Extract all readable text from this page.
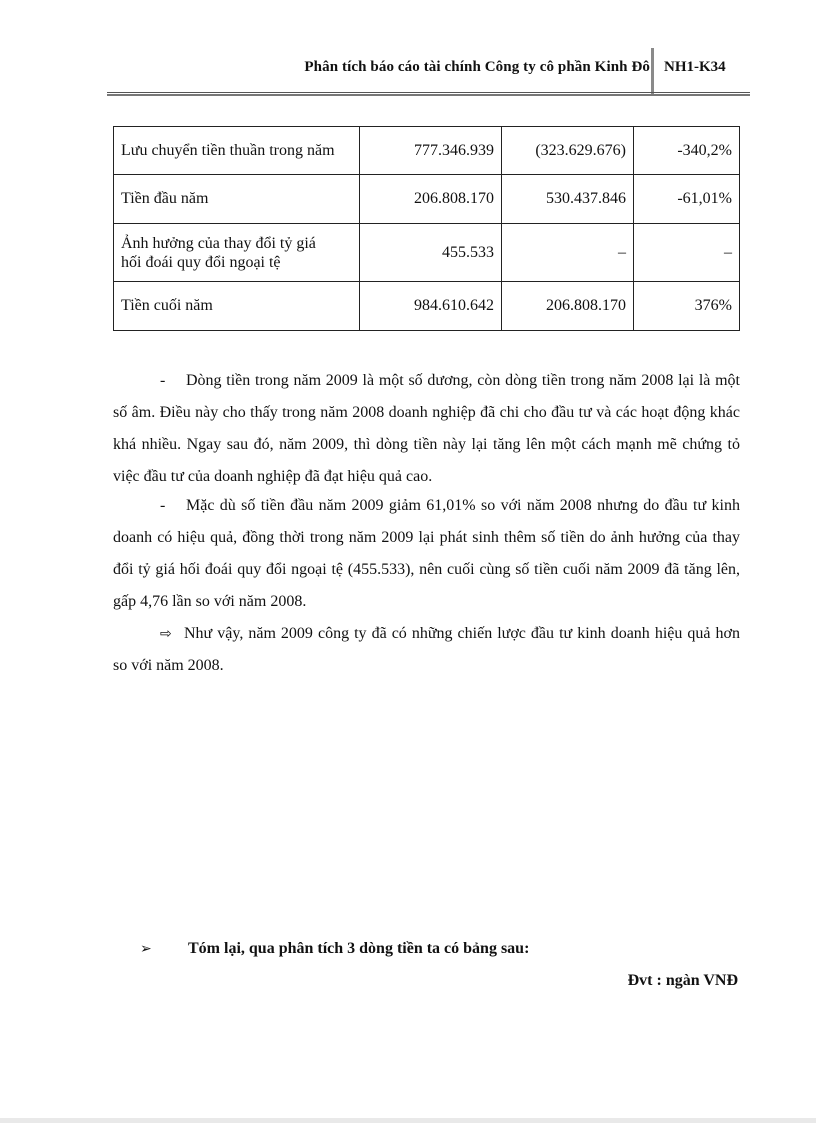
Phân tích báo cáo tài chính Công ty cô phần Kinh Đô NH1-K34
Lưu chuyển tiền thuần trong năm	777.346.939	(323.629.676)	-340,2%
Tiền đầu năm	206.808.170	530.437.846	-61,01%
Ảnh hưởng của thay đổi tỷ giá
hối đoái quy đổi ngoại tệ	455.533	–	–
Tiền cuối năm	984.610.642	206.808.170	376%
- Dòng tiền trong năm 2009 là một số dương, còn dòng tiền trong năm 2008 lại là một số âm. Điều này cho thấy trong năm 2008 doanh nghiệp đã chi cho đầu tư và các hoạt động khác khá nhiều. Ngay sau đó, năm 2009, thì dòng tiền này lại tăng lên một cách mạnh mẽ chứng tỏ việc đầu tư của doanh nghiệp đã đạt hiệu quả cao.
- Mặc dù số tiền đầu năm 2009 giảm 61,01% so với năm 2008 nhưng do đầu tư kinh doanh có hiệu quả, đồng thời trong năm 2009 lại phát sinh thêm số tiền do ảnh hưởng của thay đổi tỷ giá hối đoái quy đổi ngoại tệ (455.533), nên cuối cùng số tiền cuối năm 2009 đã tăng lên, gấp 4,76 lần so với năm 2008.
⇨ Như vậy, năm 2009 công ty đã có những chiến lược đầu tư kinh doanh hiệu quả hơn so với năm 2008.
➢ Tóm lại, qua phân tích 3 dòng tiền ta có bảng sau:
Đvt : ngàn VNĐ
